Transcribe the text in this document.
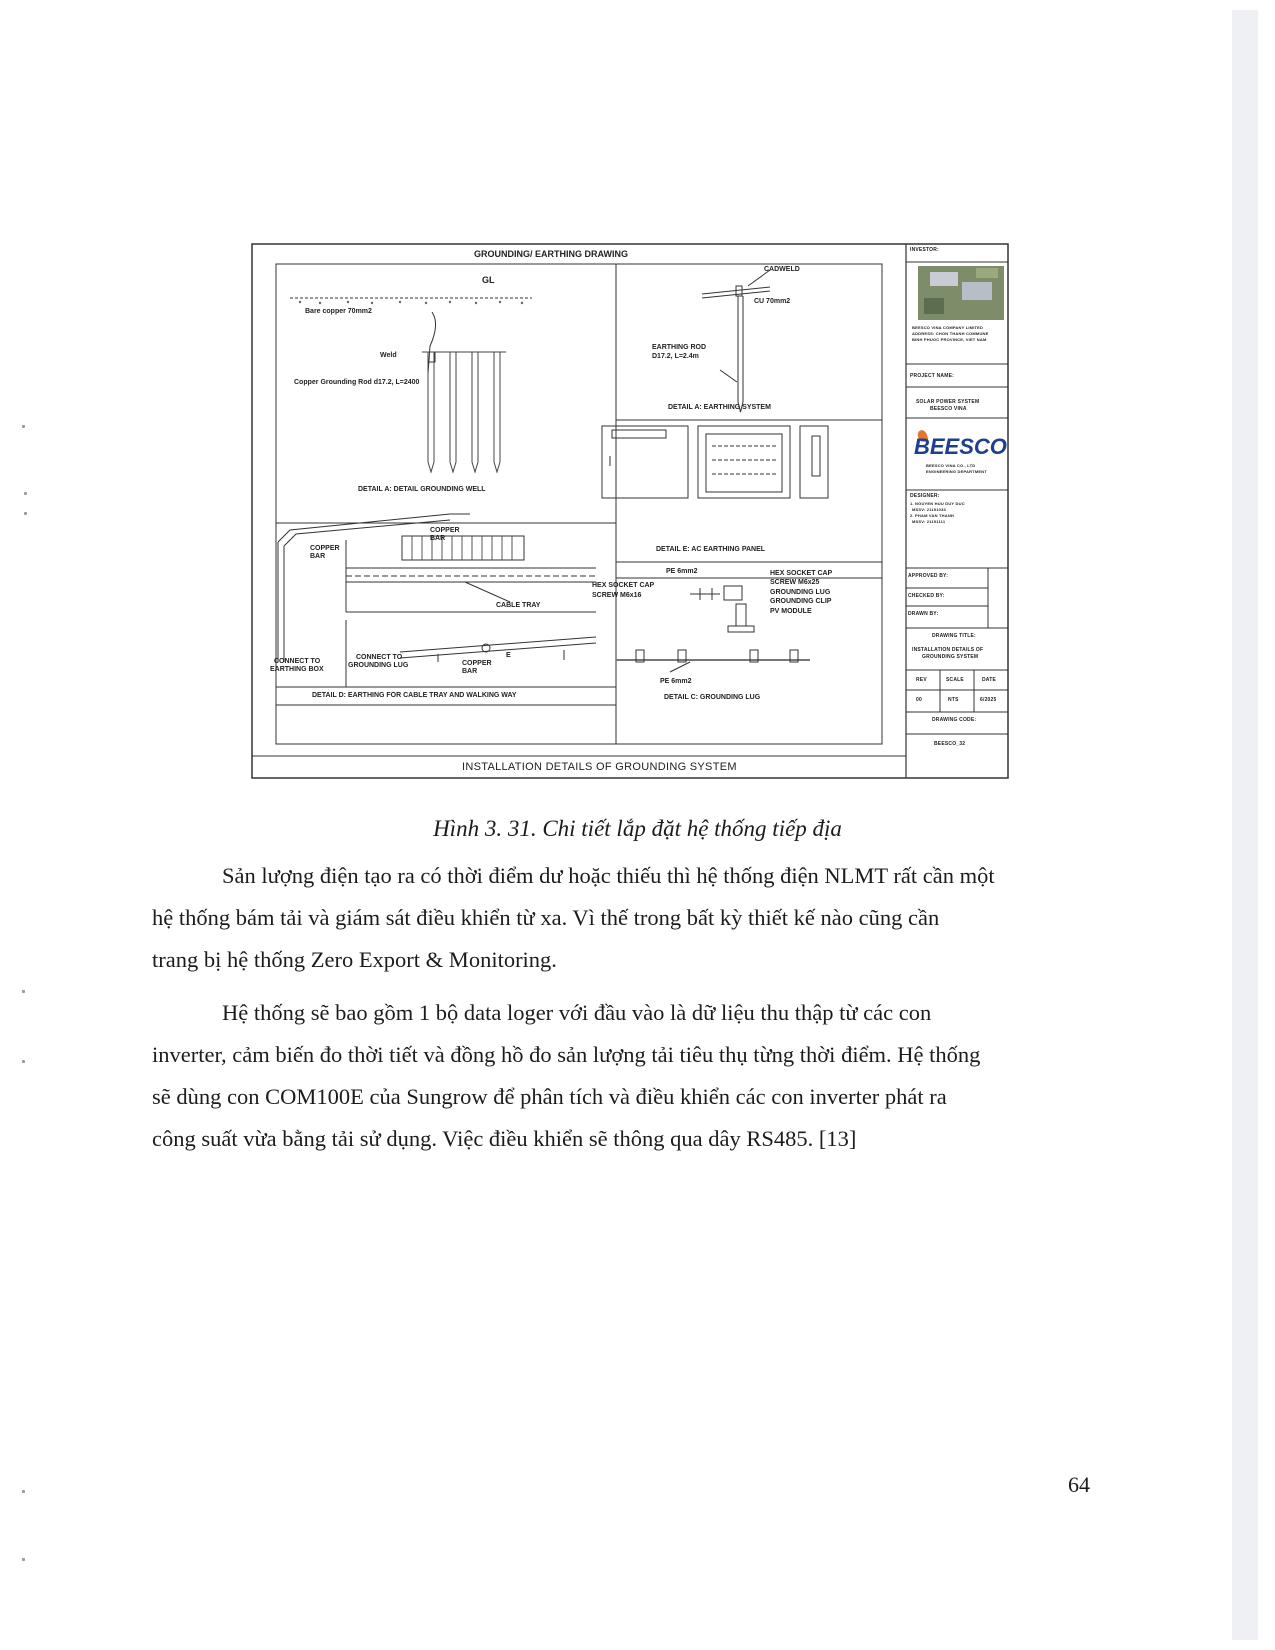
GROUNDING/ EARTHING DRAWING
GL
Bare copper 70mm2
Weld
Copper Grounding Rod d17.2, L=2400
DETAIL A: DETAIL GROUNDING WELL
CADWELD
CU 70mm2
EARTHING ROD
D17.2, L=2.4m
DETAIL A: EARTHING SYSTEM
DETAIL E: AC EARTHING PANEL
COPPER
BAR
COPPER
BAR
CABLE TRAY
CONNECT TO
EARTHING BOX
CONNECT TO
GROUNDING LUG	COPPER
BAR
E
DETAIL D: EARTHING FOR CABLE TRAY AND WALKING WAY
PE 6mm2
HEX SOCKET CAP
SCREW M6x16
HEX SOCKET CAP
SCREW M6x25
GROUNDING LUG
GROUNDING CLIP
PV MODULE
PE 6mm2
DETAIL C: GROUNDING LUG
INSTALLATION DETAILS OF GROUNDING SYSTEM
INVESTOR:
BEESCO VINA COMPANY LIMITED
ADDRESS: CHON THANH COMMUNE
BINH PHUOC PROVINCE, VIET NAM
PROJECT NAME:
SOLAR POWER SYSTEM
BEESCO VINA
BEESCO
BEESCO VINA CO., LTD
ENGINEERING DEPARTMENT
DESIGNER:
1. NGUYEN HUU DUY DUC
MSSV: 21151033
2. PHAM VAN THANH
MSSV: 21151111
APPROVED BY:
CHECKED BY:
DRAWN BY:
DRAWING TITLE:
INSTALLATION DETAILS OF
GROUNDING SYSTEM
REV	SCALE	DATE
00	NTS	6/2025
DRAWING CODE:
BEESCO_32
Hình 3. 31. Chi tiết lắp đặt hệ thống tiếp địa
Sản lượng điện tạo ra có thời điểm dư hoặc thiếu thì hệ thống điện NLMT rất cần một
hệ thống bám tải và giám sát điều khiển từ xa. Vì thế trong bất kỳ thiết kế nào cũng cần
trang bị hệ thống Zero Export & Monitoring.
Hệ thống sẽ bao gồm 1 bộ data loger với đầu vào là dữ liệu thu thập từ các con
inverter, cảm biến đo thời tiết và đồng hồ đo sản lượng tải tiêu thụ từng thời điểm. Hệ thống
sẽ dùng con COM100E của Sungrow để phân tích và điều khiển các con inverter phát ra
công suất vừa bằng tải sử dụng. Việc điều khiển sẽ thông qua dây RS485. [13]
64
